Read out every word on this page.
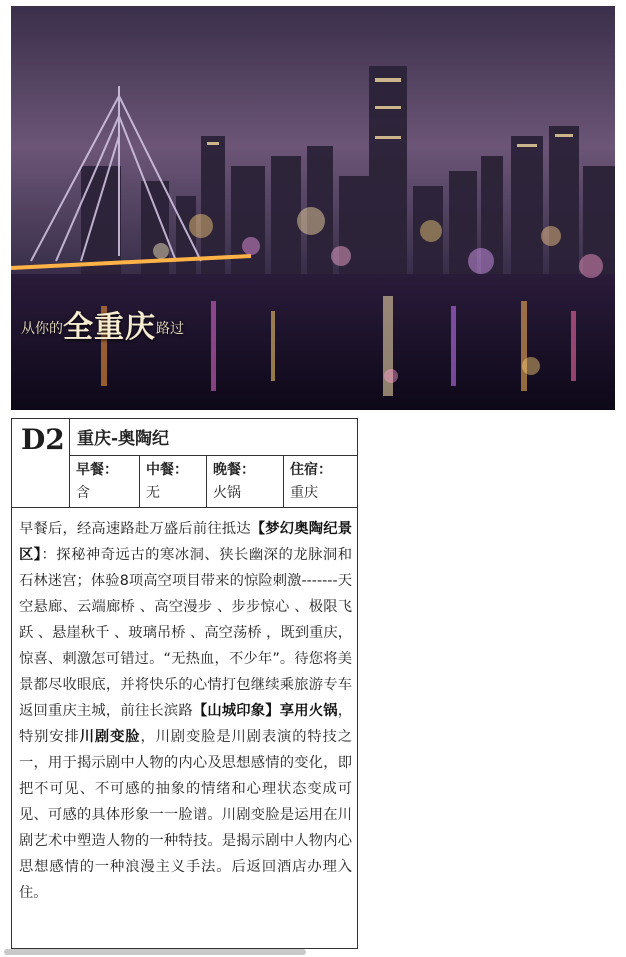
从你的全重庆路过
D2 重庆-奥陶纪
早餐：
含
中餐：
无
晚餐：
火锅
住宿：
重庆
早餐后，经高速路赴万盛后前往抵达【梦幻奥陶纪景区】：探秘神奇远古的寒冰洞、狭长幽深的龙脉洞和石林迷宫；体验8项高空项目带来的惊险刺激-------天空悬廊、云端廊桥 、高空漫步 、步步惊心 、极限飞跃 、悬崖秋千 、玻璃吊桥 、高空荡桥 ，既到重庆，惊喜、刺激怎可错过。“无热血，不少年”。待您将美景都尽收眼底，并将快乐的心情打包继续乘旅游专车返回重庆主城，前往长滨路【山城印象】享用火锅，特别安排川剧变脸，川剧变脸是川剧表演的特技之一，用于揭示剧中人物的内心及思想感情的变化，即把不可见、不可感的抽象的情绪和心理状态变成可见、可感的具体形象一一脸谱。川剧变脸是运用在川剧艺术中塑造人物的一种特技。是揭示剧中人物内心思想感情的一种浪漫主义手法。后返回酒店办理入住。
